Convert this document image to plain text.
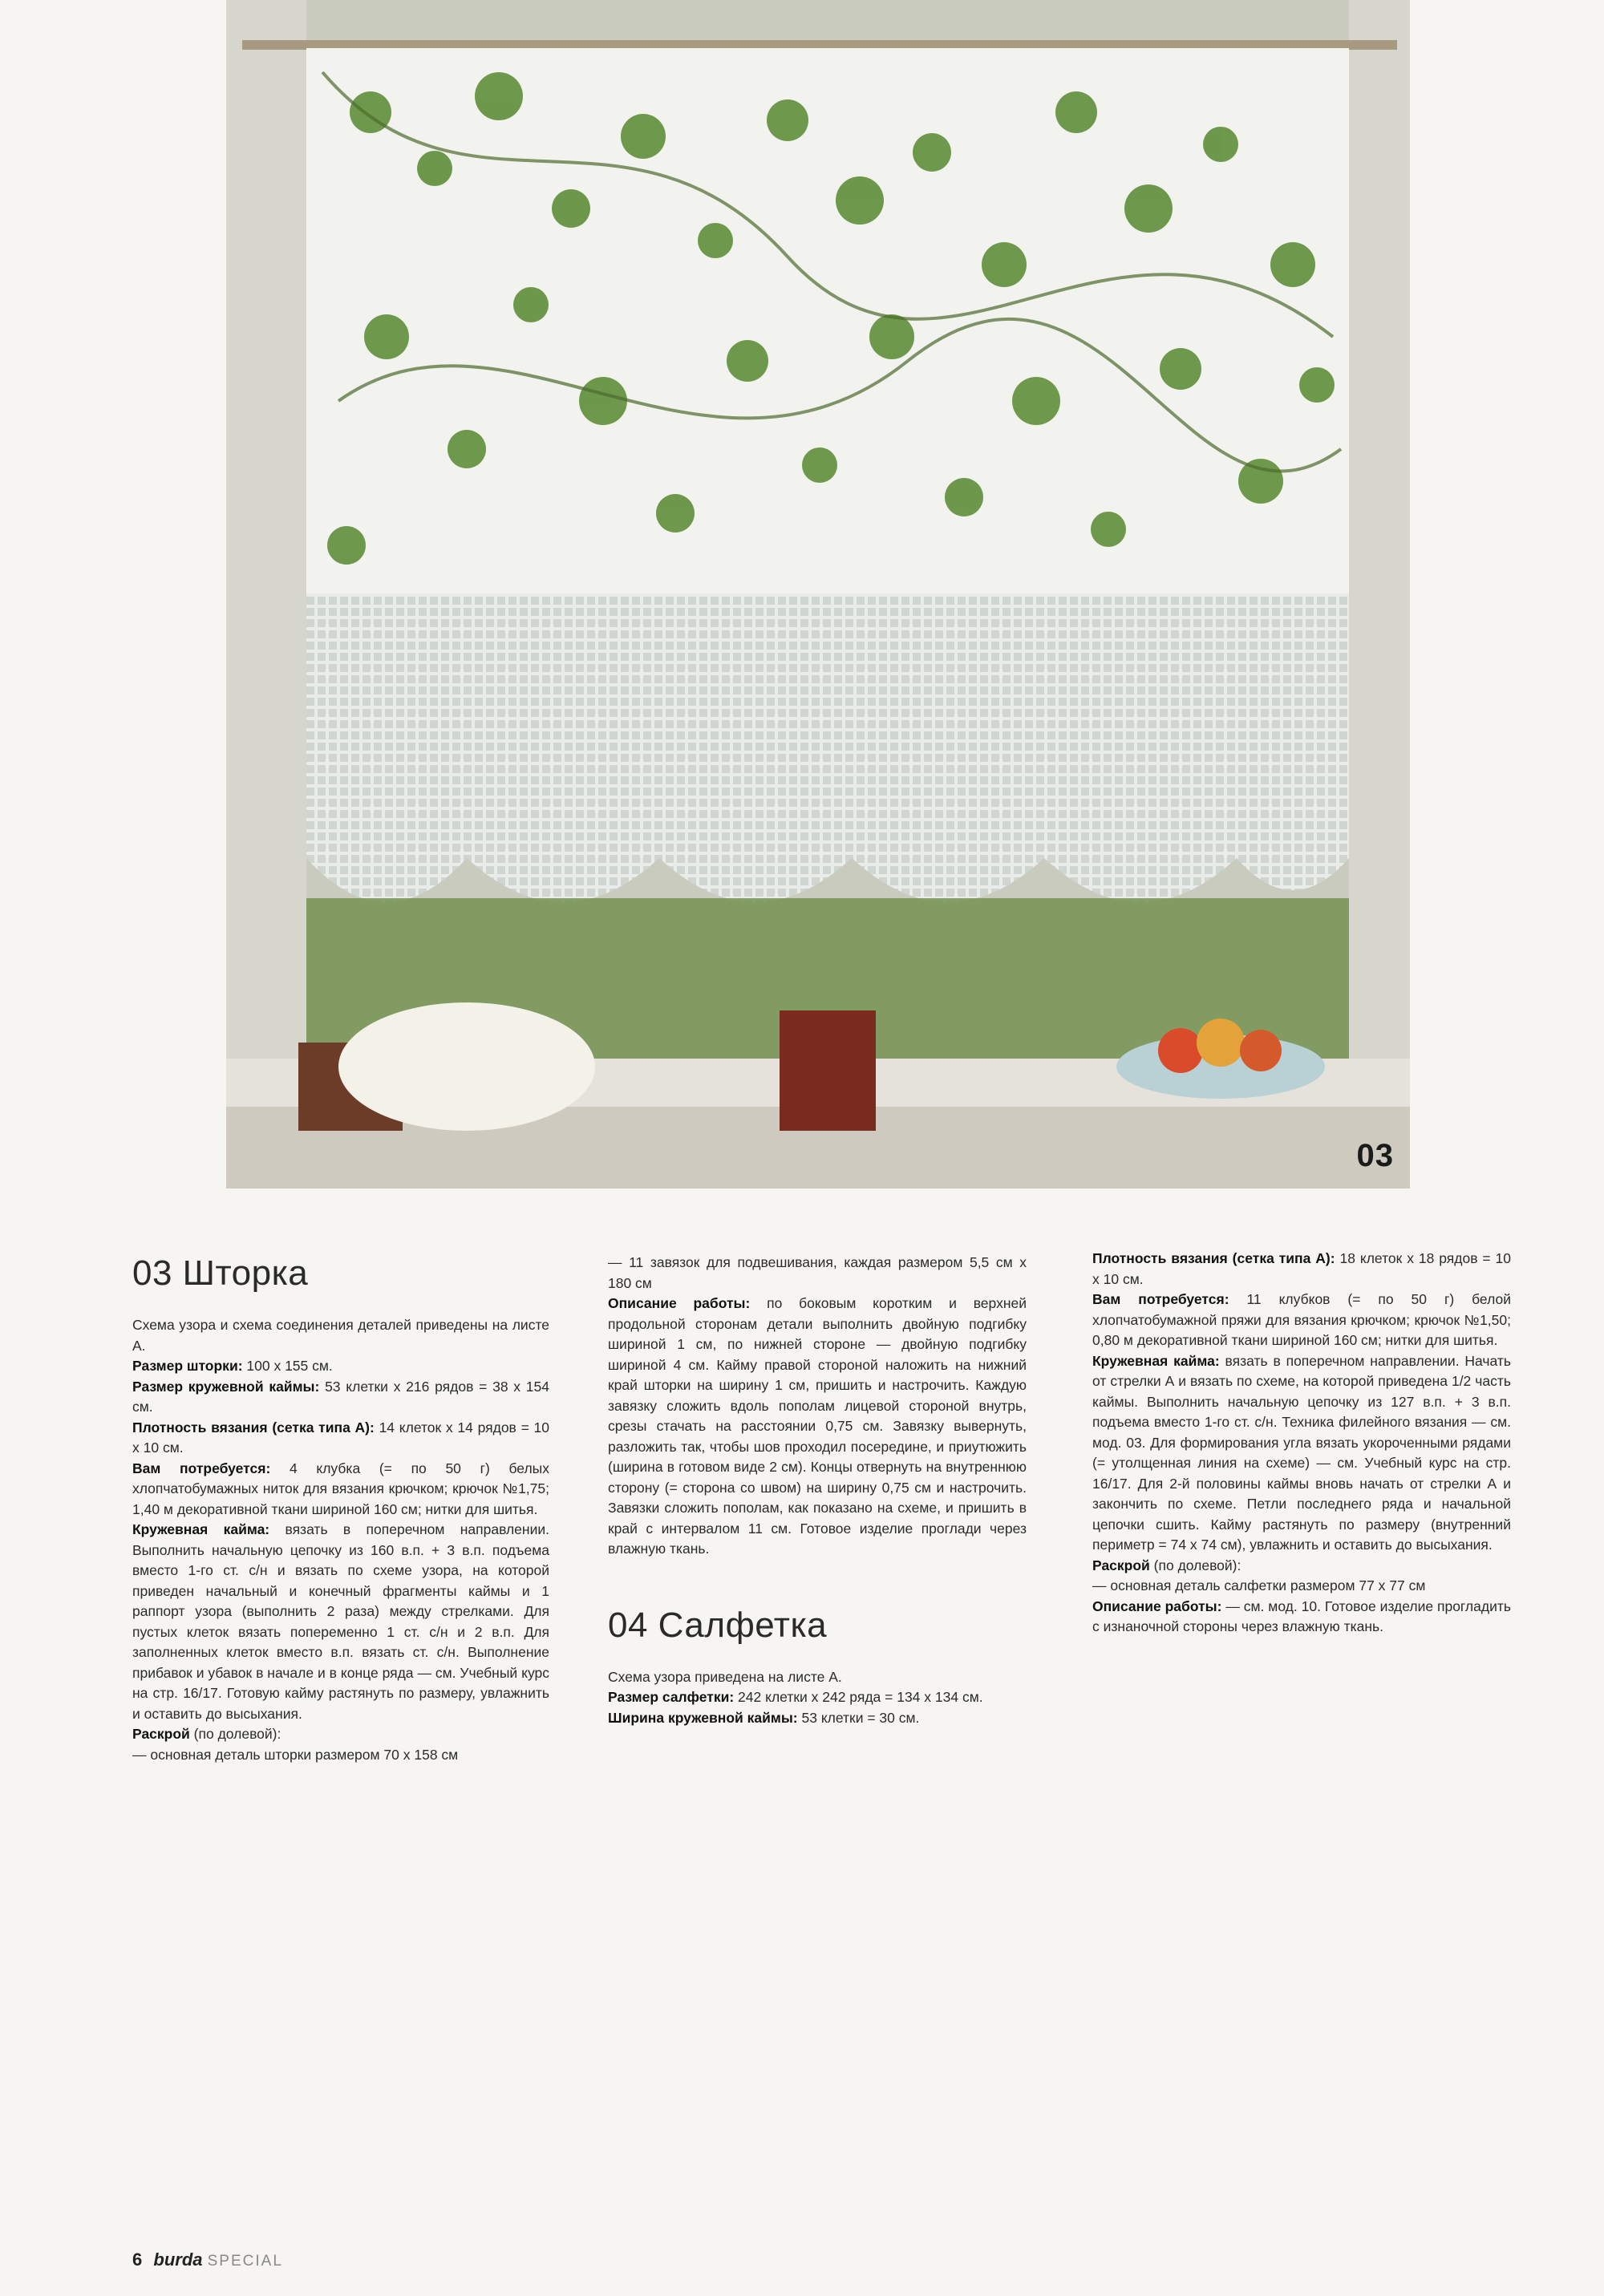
03
03 Шторка

Схема узора и схема соединения деталей приведены на листе А.

Размер шторки: 100 х 155 см.

Размер кружевной каймы: 53 клетки х 216 рядов = 38 х 154 см.

Плотность вязания (сетка типа А): 14 клеток х 14 рядов = 10 х 10 см.

Вам потребуется: 4 клубка (= по 50 г) белых хлопчатобумажных ниток для вязания крючком; крючок №1,75; 1,40 м декоративной ткани шириной 160 см; нитки для шитья.

Кружевная кайма: вязать в поперечном направлении. Выполнить начальную цепочку из 160 в.п. + 3 в.п. подъема вместо 1-го ст. с/н и вязать по схеме узора, на которой приведен начальный и конечный фрагменты каймы и 1 раппорт узора (выполнить 2 раза) между стрелками. Для пустых клеток вязать попеременно 1 ст. с/н и 2 в.п. Для заполненных клеток вместо в.п. вязать ст. с/н. Выполнение прибавок и убавок в начале и в конце ряда — см. Учебный курс на стр. 16/17. Готовую кайму растянуть по размеру, увлажнить и оставить до высыхания.

Раскрой (по долевой):

— основная деталь шторки размером 70 х 158 см

— 11 завязок для подвешивания, каждая размером 5,5 см х 180 см

Описание работы: по боковым коротким и верхней продольной сторонам детали выполнить двойную подгибку шириной 1 см, по нижней стороне — двойную подгибку шириной 4 см. Кайму правой стороной наложить на нижний край шторки на ширину 1 см, пришить и настрочить. Каждую завязку сложить вдоль пополам лицевой стороной внутрь, срезы стачать на расстоянии 0,75 см. Завязку вывернуть, разложить так, чтобы шов проходил посередине, и приутюжить (ширина в готовом виде 2 см). Концы отвернуть на внутреннюю сторону (= сторона со швом) на ширину 0,75 см и настрочить. Завязки сложить пополам, как показано на схеме, и пришить в край с интервалом 11 см. Готовое изделие проглади через влажную ткань.

04 Салфетка

Схема узора приведена на листе А.

Размер салфетки: 242 клетки х 242 ряда = 134 х 134 см.

Ширина кружевной каймы: 53 клетки = 30 см.

Плотность вязания (сетка типа А): 18 клеток х 18 рядов = 10 х 10 см.

Вам потребуется: 11 клубков (= по 50 г) белой хлопчатобумажной пряжи для вязания крючком; крючок №1,50; 0,80 м декоративной ткани шириной 160 см; нитки для шитья.

Кружевная кайма: вязать в поперечном направлении. Начать от стрелки А и вязать по схеме, на которой приведена 1/2 часть каймы. Выполнить начальную цепочку из 127 в.п. + 3 в.п. подъема вместо 1-го ст. с/н. Техника филейного вязания — см. мод. 03. Для формирования угла вязать укороченными рядами (= утолщенная линия на схеме) — см. Учебный курс на стр. 16/17. Для 2-й половины каймы вновь начать от стрелки А и закончить по схеме. Петли последнего ряда и начальной цепочки сшить. Кайму растянуть по размеру (внутренний периметр = 74 х 74 см), увлажнить и оставить до высыхания.

Раскрой (по долевой):

— основная деталь салфетки размером 77 х 77 см

Описание работы: — см. мод. 10. Готовое изделие прогладить с изнаночной стороны через влажную ткань.

6 burda SPECIAL
